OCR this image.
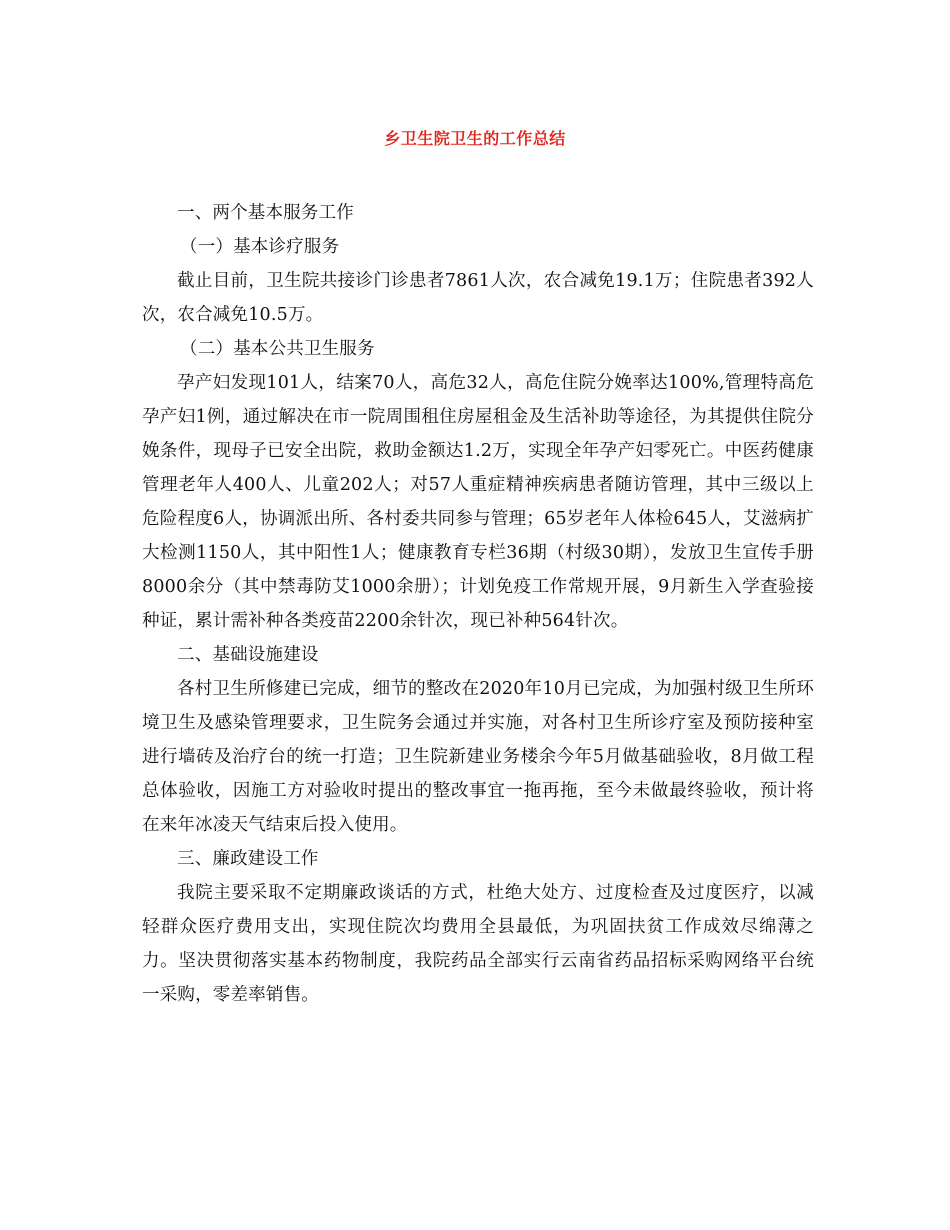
乡卫生院卫生的工作总结

一、两个基本服务工作

（一）基本诊疗服务

截止目前，卫生院共接诊门诊患者7861人次，农合减免19.1万；住院患者392人次，农合减免10.5万。

（二）基本公共卫生服务

孕产妇发现101人，结案70人，高危32人，高危住院分娩率达100%,管理特高危孕产妇1例，通过解决在市一院周围租住房屋租金及生活补助等途径，为其提供住院分娩条件，现母子已安全出院，救助金额达1.2万，实现全年孕产妇零死亡。中医药健康管理老年人400人、儿童202人；对57人重症精神疾病患者随访管理，其中三级以上危险程度6人，协调派出所、各村委共同参与管理；65岁老年人体检645人，艾滋病扩大检测1150人，其中阳性1人；健康教育专栏36期（村级30期），发放卫生宣传手册8000余分（其中禁毒防艾1000余册）；计划免疫工作常规开展，9月新生入学查验接种证，累计需补种各类疫苗2200余针次，现已补种564针次。

二、基础设施建设

各村卫生所修建已完成，细节的整改在2020年10月已完成，为加强村级卫生所环境卫生及感染管理要求，卫生院务会通过并实施，对各村卫生所诊疗室及预防接种室进行墙砖及治疗台的统一打造；卫生院新建业务楼余今年5月做基础验收，8月做工程总体验收，因施工方对验收时提出的整改事宜一拖再拖，至今未做最终验收，预计将在来年冰凌天气结束后投入使用。

三、廉政建设工作

我院主要采取不定期廉政谈话的方式，杜绝大处方、过度检查及过度医疗，以减轻群众医疗费用支出，实现住院次均费用全县最低，为巩固扶贫工作成效尽绵薄之力。坚决贯彻落实基本药物制度，我院药品全部实行云南省药品招标采购网络平台统一采购，零差率销售。
